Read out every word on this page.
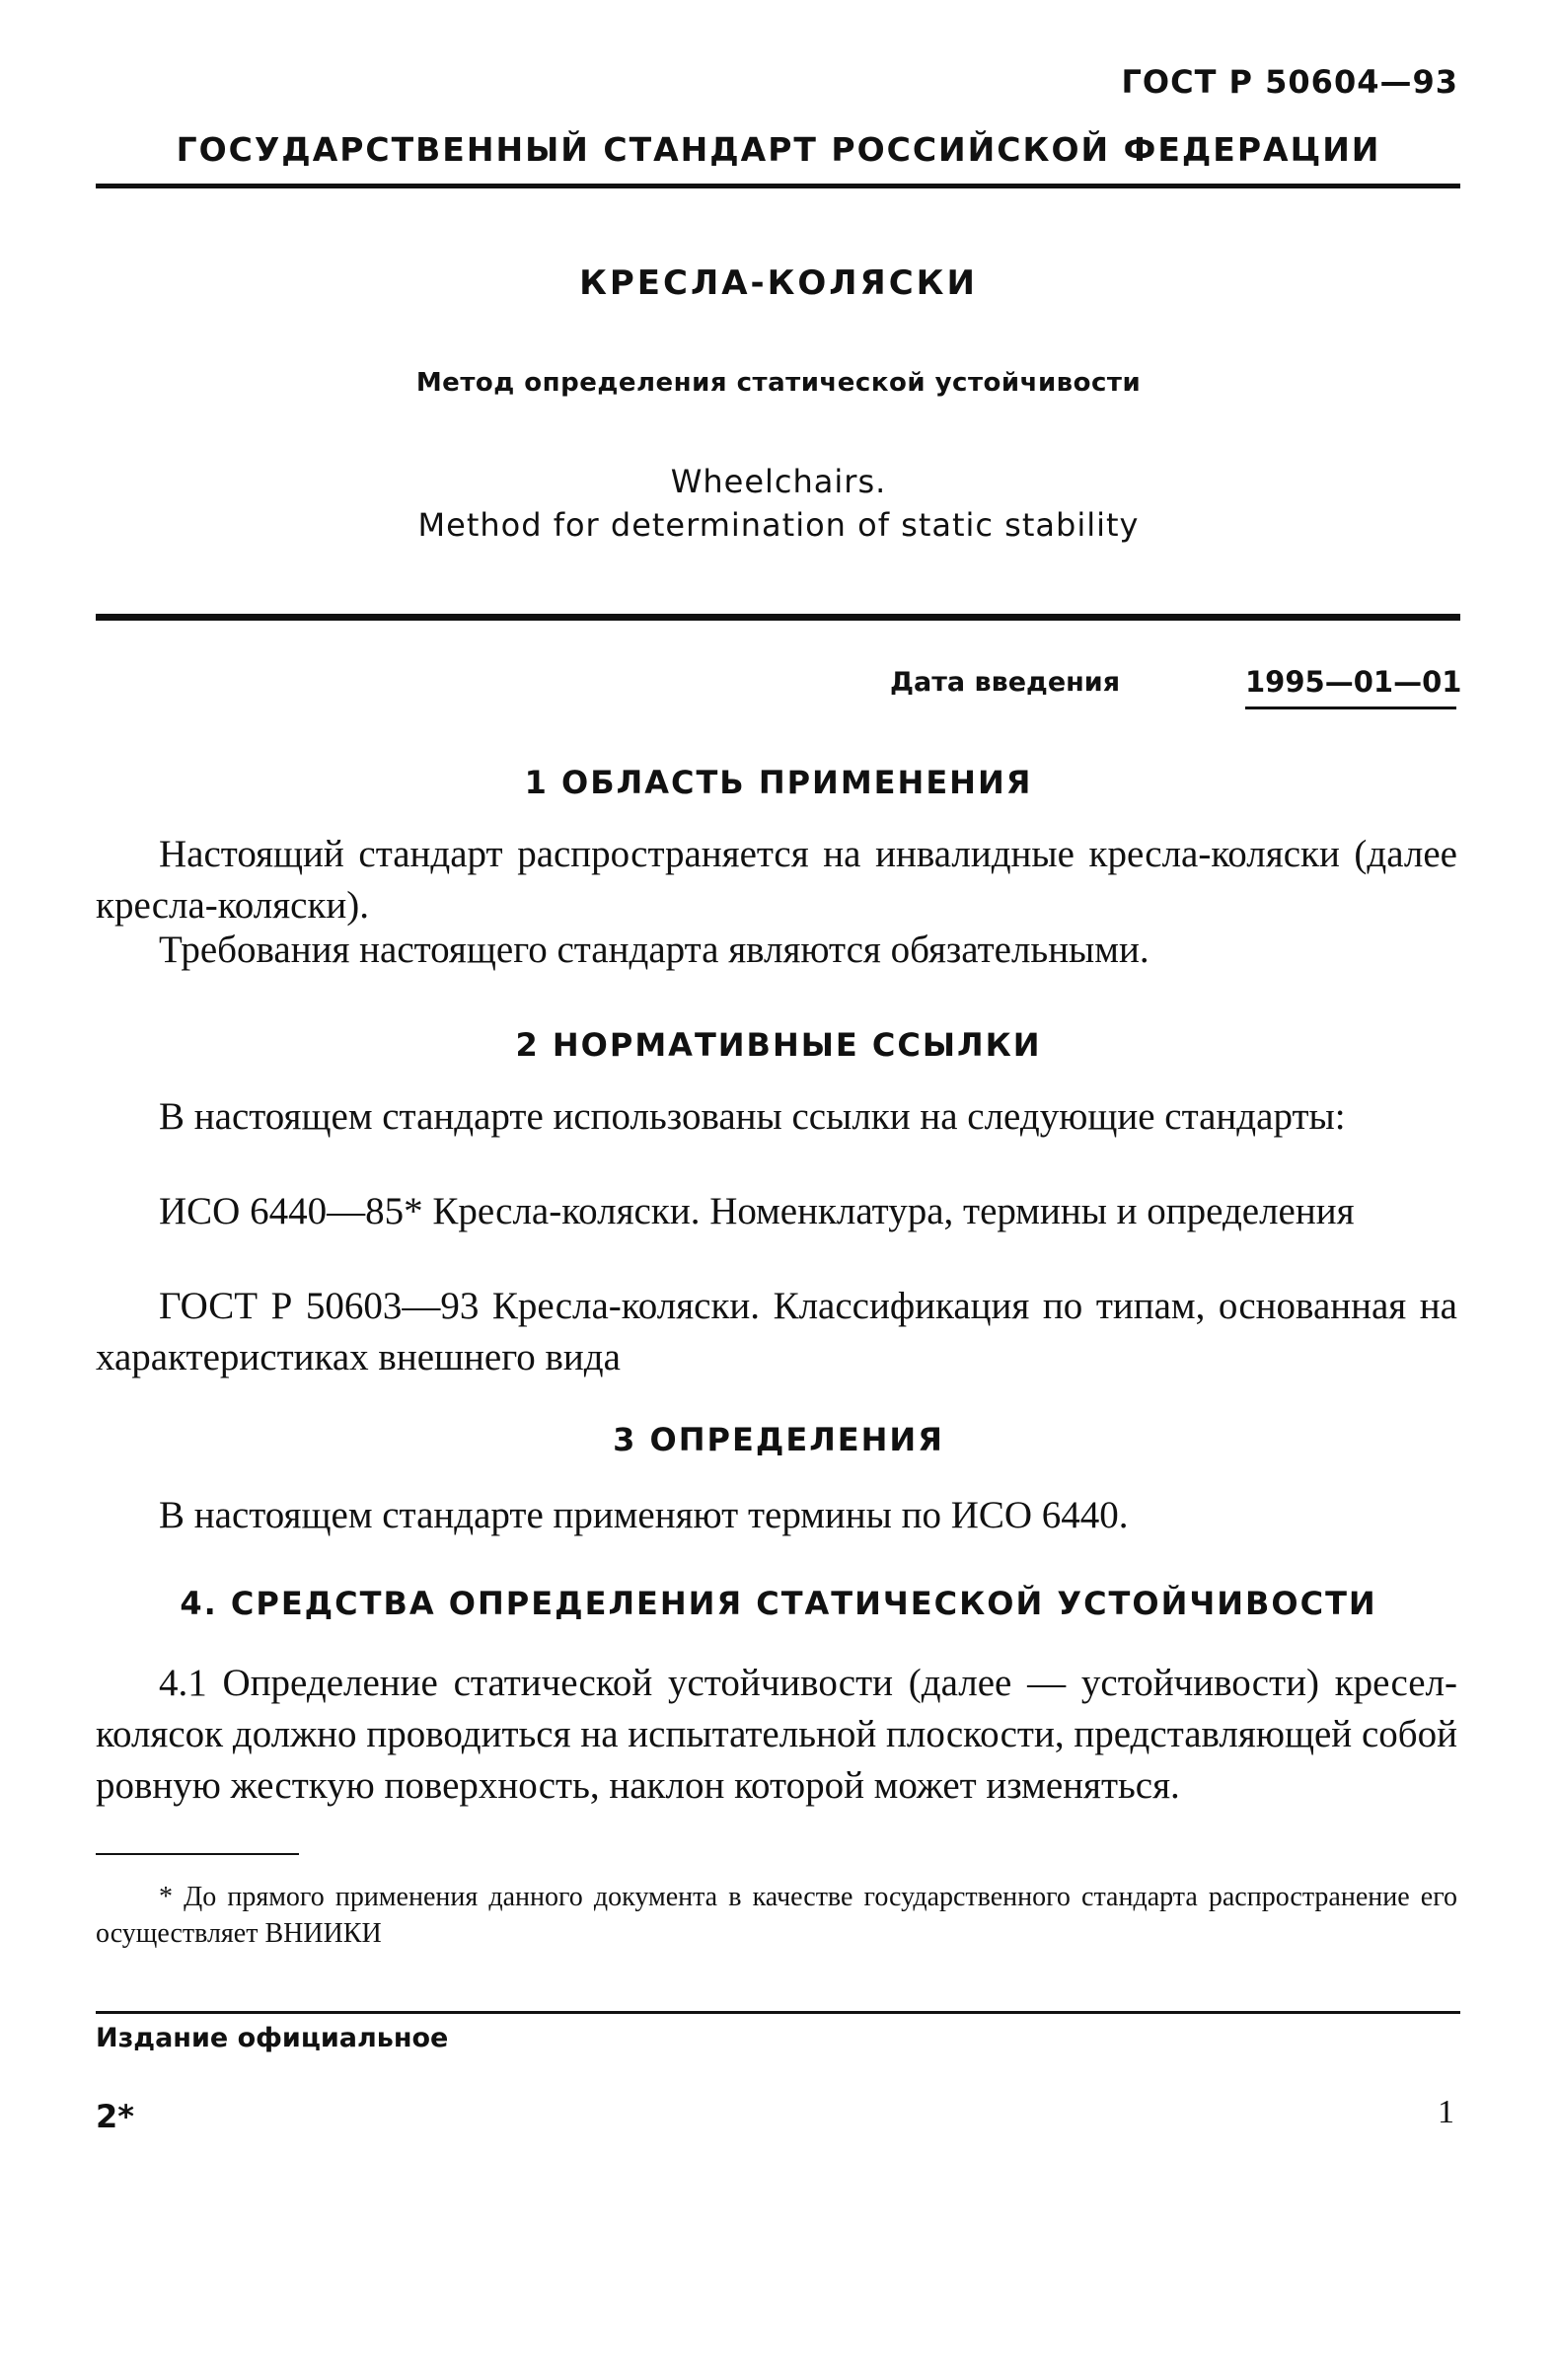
ГОСТ Р 50604—93
ГОСУДАРСТВЕННЫЙ СТАНДАРТ РОССИЙСКОЙ ФЕДЕРАЦИИ
КРЕСЛА-КОЛЯСКИ
Метод определения статической устойчивости
Wheelchairs.
Method for determination of static stability
Дата введения	1995—01—01
1 ОБЛАСТЬ ПРИМЕНЕНИЯ
Настоящий стандарт распространяется на инвалидные кресла-коляски (далее кресла-коляски).
Требования настоящего стандарта являются обязательными.
2 НОРМАТИВНЫЕ ССЫЛКИ
В настоящем стандарте использованы ссылки на следующие стандарты:
ИСО 6440—85* Кресла-коляски. Номенклатура, термины и определения
ГОСТ Р 50603—93 Кресла-коляски. Классификация по типам, основанная на характеристиках внешнего вида
3 ОПРЕДЕЛЕНИЯ
В настоящем стандарте применяют термины по ИСО 6440.
4. СРЕДСТВА ОПРЕДЕЛЕНИЯ СТАТИЧЕСКОЙ УСТОЙЧИВОСТИ
4.1 Определение статической устойчивости (далее — устойчивости) кресел-колясок должно проводиться на испытательной плоскости, представляющей собой ровную жесткую поверхность, наклон которой может изменяться.
* До прямого применения данного документа в качестве государственного стандарта распространение его осуществляет ВНИИКИ
Издание официальное
2*	1
